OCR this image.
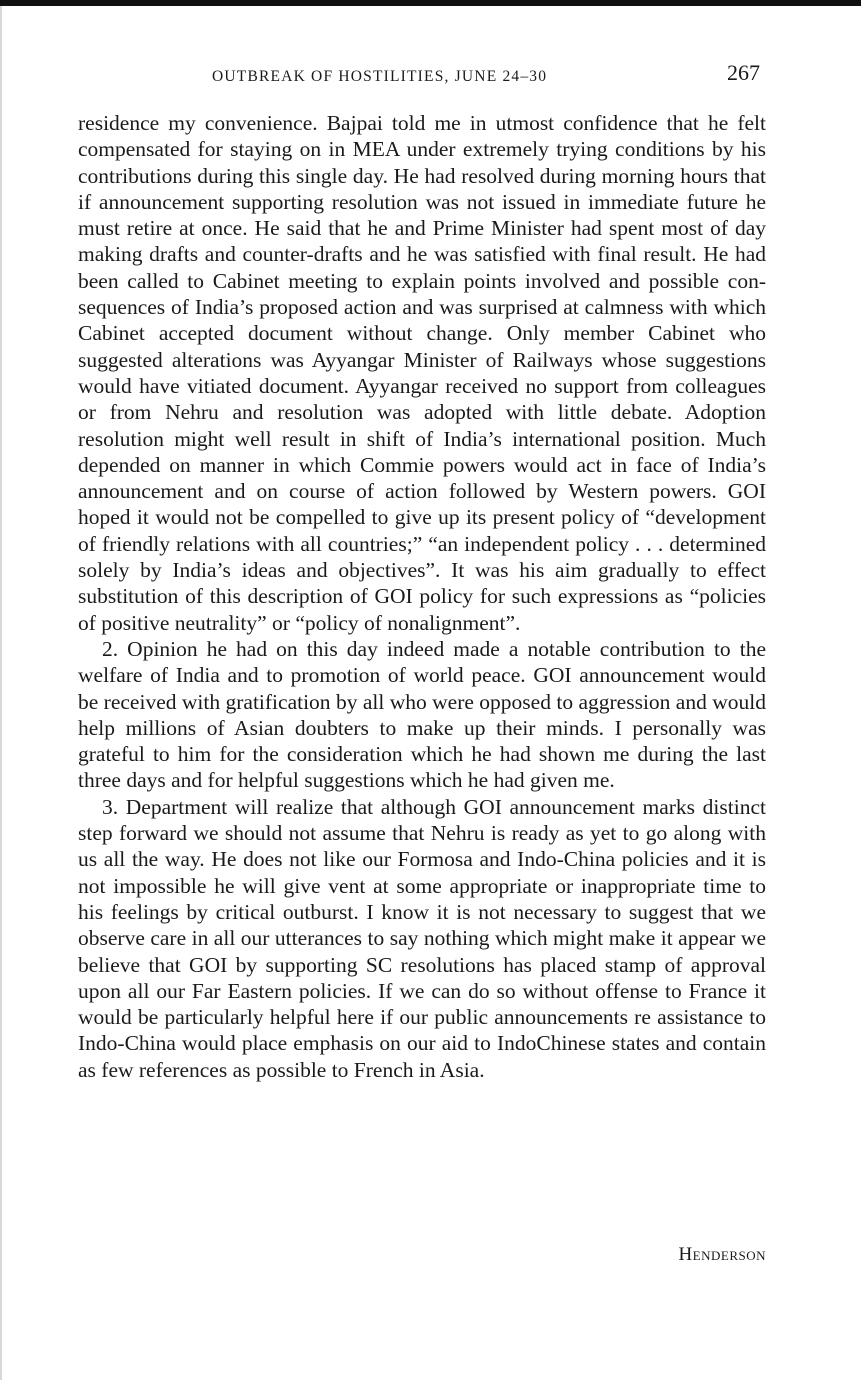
OUTBREAK OF HOSTILITIES, JUNE 24–30	267

residence my convenience. Bajpai told me in utmost confidence that he felt compensated for staying on in MEA under extremely trying conditions by his contributions during this single day. He had resolved during morning hours that if announcement supporting resolution was not issued in immediate future he must retire at once. He said that he and Prime Minister had spent most of day making drafts and counter-drafts and he was satisfied with final result. He had been called to Cabinet meeting to explain points involved and possible consequences of India’s proposed action and was surprised at calmness with which Cabinet accepted document without change. Only member Cabinet who suggested alterations was Ayyangar Minister of Railways whose suggestions would have vitiated document. Ayyangar received no support from colleagues or from Nehru and resolution was adopted with little debate. Adoption resolution might well result in shift of India’s international position. Much depended on manner in which Commie powers would act in face of India’s announcement and on course of action followed by Western powers. GOI hoped it would not be compelled to give up its present policy of “development of friendly relations with all countries;” “an independent policy . . . determined solely by India’s ideas and objectives”. It was his aim gradually to effect substitution of this description of GOI policy for such expressions as “policies of positive neutrality” or “policy of nonalignment”.

2. Opinion he had on this day indeed made a notable contribution to the welfare of India and to promotion of world peace. GOI announcement would be received with gratification by all who were opposed to aggression and would help millions of Asian doubters to make up their minds. I personally was grateful to him for the consideration which he had shown me during the last three days and for helpful suggestions which he had given me.

3. Department will realize that although GOI announcement marks distinct step forward we should not assume that Nehru is ready as yet to go along with us all the way. He does not like our Formosa and Indo-China policies and it is not impossible he will give vent at some appropriate or inappropriate time to his feelings by critical outburst. I know it is not necessary to suggest that we observe care in all our utterances to say nothing which might make it appear we believe that GOI by supporting SC resolutions has placed stamp of approval upon all our Far Eastern policies. If we can do so without offense to France it would be particularly helpful here if our public announcements re assistance to Indo-China would place emphasis on our aid to IndoChinese states and contain as few references as possible to French in Asia.

Henderson
